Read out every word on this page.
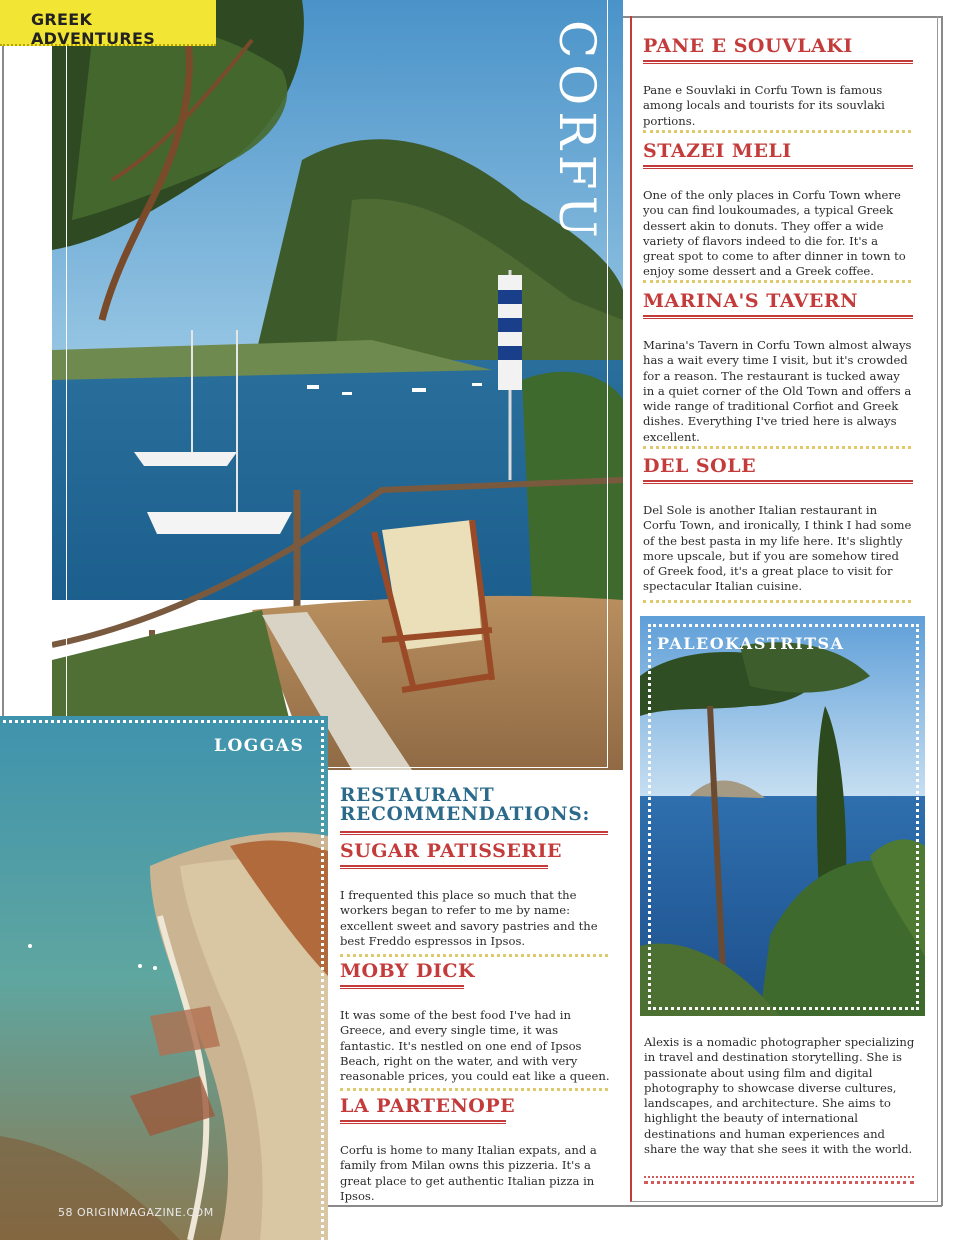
CORFU
GREEK ADVENTURES
LOGGAS
58 ORIGINMAGAZINE.COM
RESTAURANT
RECOMMENDATIONS:
SUGAR PATISSERIE

I frequented this place so much that the workers began to refer to me by name: excellent sweet and savory pastries and the best Freddo espressos in Ipsos.

MOBY DICK

It was some of the best food I've had in Greece, and every single time, it was fantastic. It's nestled on one end of Ipsos Beach, right on the water, and with very reasonable prices, you could eat like a queen.

LA PARTENOPE

Corfu is home to many Italian expats, and a family from Milan owns this pizzeria. It's a great place to get authentic Italian pizza in Ipsos.

PANE E SOUVLAKI

Pane e Souvlaki in Corfu Town is famous among locals and tourists for its souvlaki portions.

STAZEI MELI

One of the only places in Corfu Town where you can find loukoumades, a typical Greek dessert akin to donuts. They offer a wide variety of flavors indeed to die for. It's a great spot to come to after dinner in town to enjoy some dessert and a Greek coffee.

MARINA'S TAVERN

Marina's Tavern in Corfu Town almost always has a wait every time I visit, but it's crowded for a reason. The restaurant is tucked away in a quiet corner of the Old Town and offers a wide range of traditional Corfiot and Greek dishes. Everything I've tried here is always excellent.

DEL SOLE

Del Sole is another Italian restaurant in Corfu Town, and ironically, I think I had some of the best pasta in my life here. It's slightly more upscale, but if you are somehow tired of Greek food, it's a great place to visit for spectacular Italian cuisine.

PALEOKASTRITSA

Alexis is a nomadic photographer specializing in travel and destination storytelling. She is passionate about using film and digital photography to showcase diverse cultures, landscapes, and architecture. She aims to highlight the beauty of international destinations and human experiences and share the way that she sees it with the world.
